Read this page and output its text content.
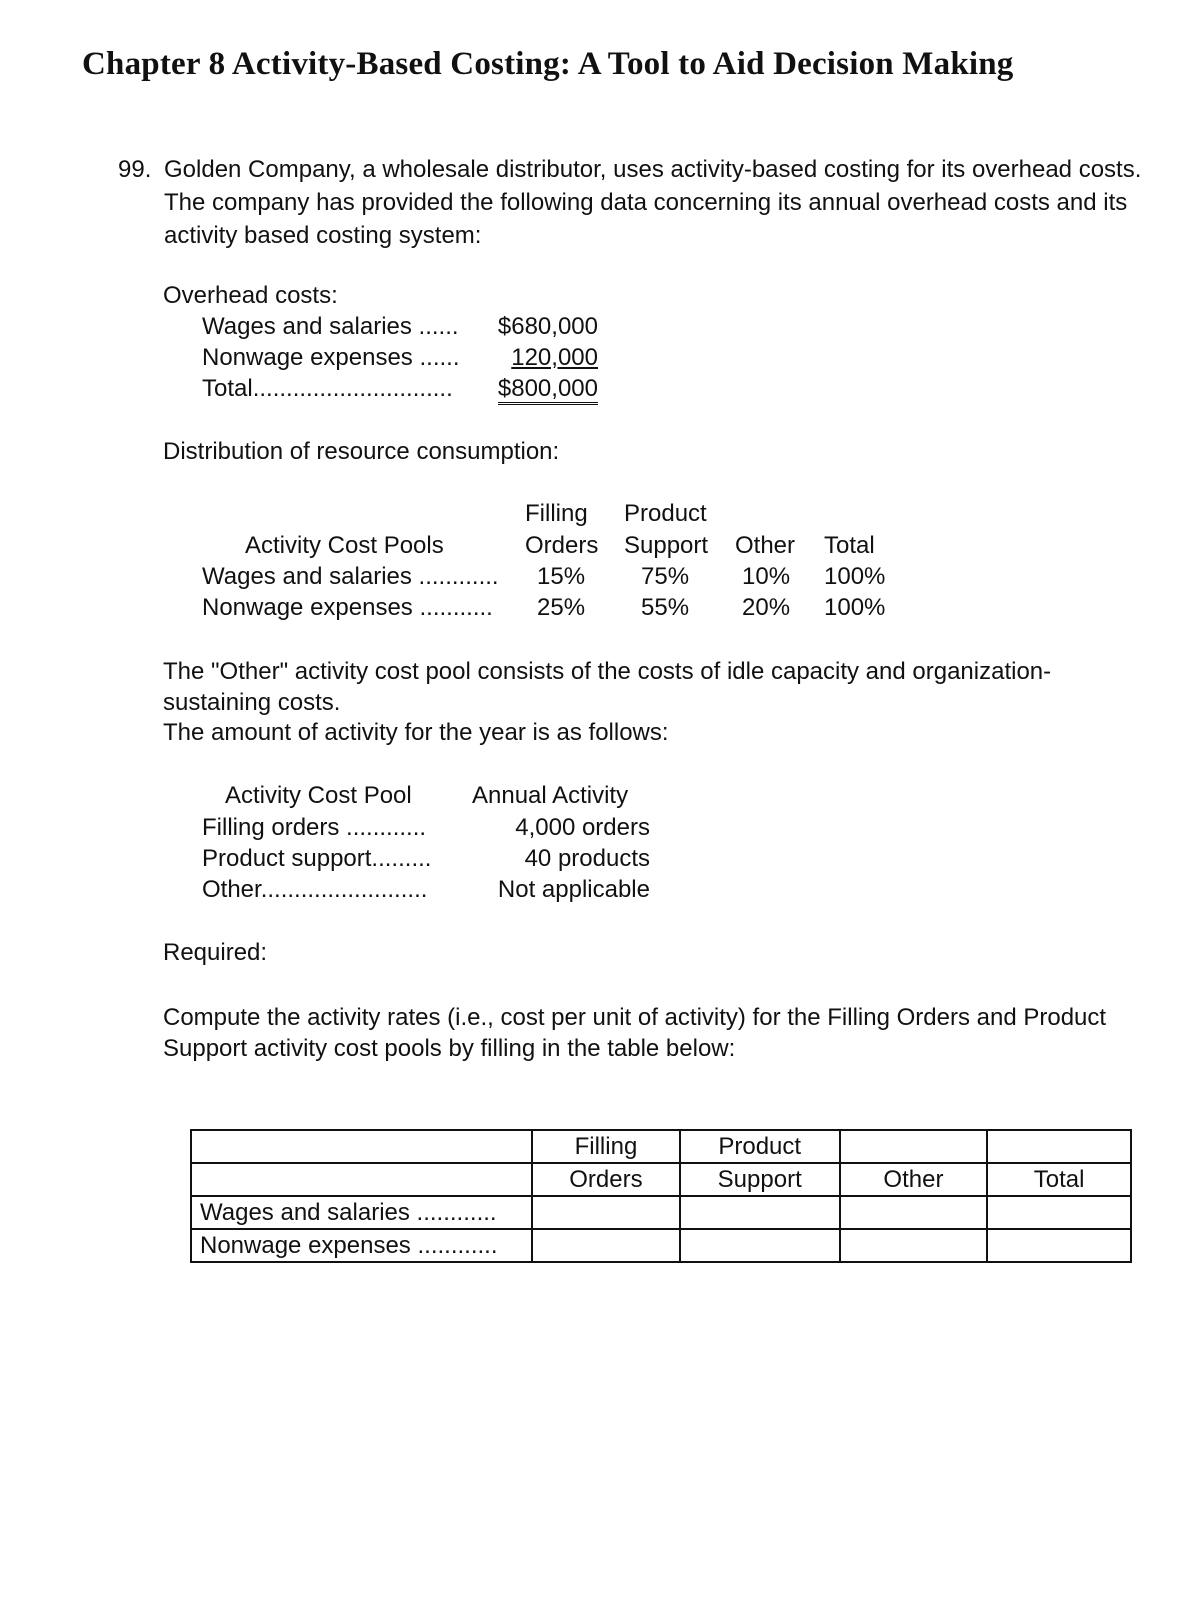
Chapter 8 Activity-Based Costing: A Tool to Aid Decision Making
99. Golden Company, a wholesale distributor, uses activity-based costing for its overhead costs. The company has provided the following data concerning its annual overhead costs and its activity based costing system:
Overhead costs:
Wages and salaries ......	$680,000
Nonwage expenses ......	120,000
Total..............................	$800,000
Distribution of resource consumption:
Filling Product
Activity Cost Pools	Orders Support Other Total
Wages and salaries ............ 15% 75% 10% 100%
Nonwage expenses ........... 25% 55% 20% 100%
The "Other" activity cost pool consists of the costs of idle capacity and organization-sustaining costs.
The amount of activity for the year is as follows:
Activity Cost Pool	Annual Activity
Filling orders ............	4,000 orders
Product support.........	40 products
Other.........................	Not applicable
Required:
Compute the activity rates (i.e., cost per unit of activity) for the Filling Orders and Product Support activity cost pools by filling in the table below:
	Filling	Product		
	Orders	Support	Other	Total
Wages and salaries ............				
Nonwage expenses ............				
